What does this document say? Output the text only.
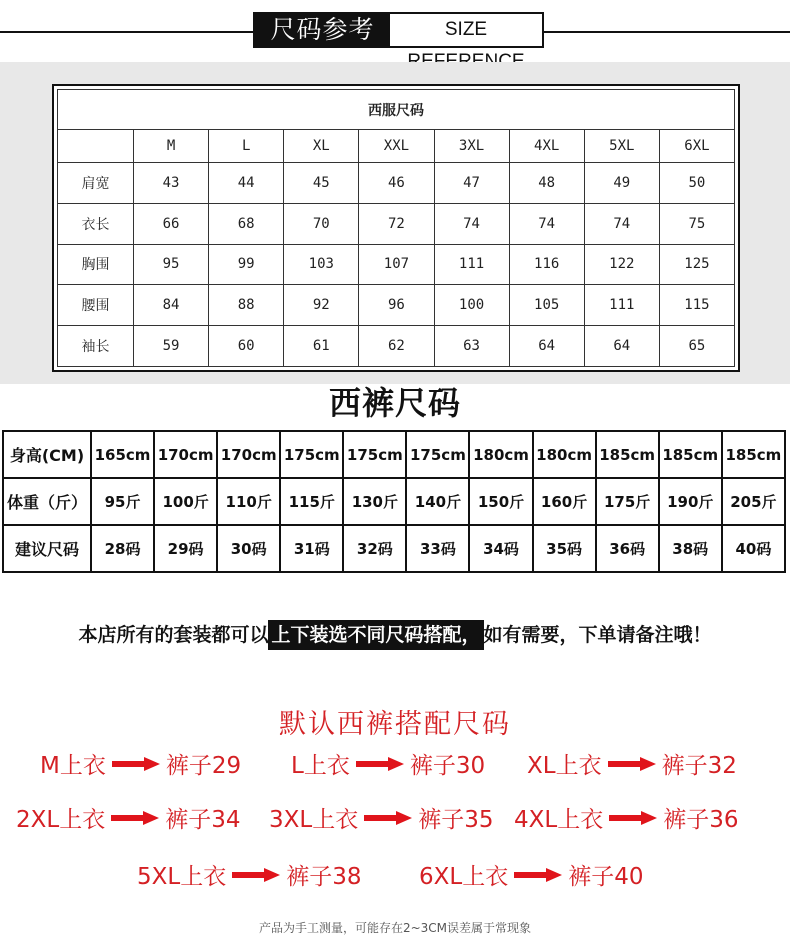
尺码参考	SIZE
西服尺码								
	M	L	XL	XXL	3XL	4XL	5XL	6XL
肩宽	43	44	45	46	47	48	49	50
衣长	66	68	70	72	74	74	74	75
胸围	95	99	103	107	111	116	122	125
腰围	84	88	92	96	100	105	111	115
袖长	59	60	61	62	63	64	64	65
西裤尺码
身高(CM)	165cm	170cm	170cm	175cm	175cm	175cm	180cm	180cm	185cm	185cm	185cm
体重（斤）	95斤	100斤	110斤	115斤	130斤	140斤	150斤	160斤	175斤	190斤	205斤
建议尺码	28码	29码	30码	31码	32码	33码	34码	35码	36码	38码	40码
本店所有的套装都可以 上下装选不同尺码搭配， 如有需要，下单请备注哦！
默认西裤搭配尺码
M上衣	裤子29 L上衣	裤子30 XL上衣	裤子32
2XL上衣	裤子34 3XL上衣	裤子35 4XL上衣	裤子36
5XL上衣	裤子38	6XL上衣	裤子40
产品为手工测量，可能存在2~3CM误差属于常现象
